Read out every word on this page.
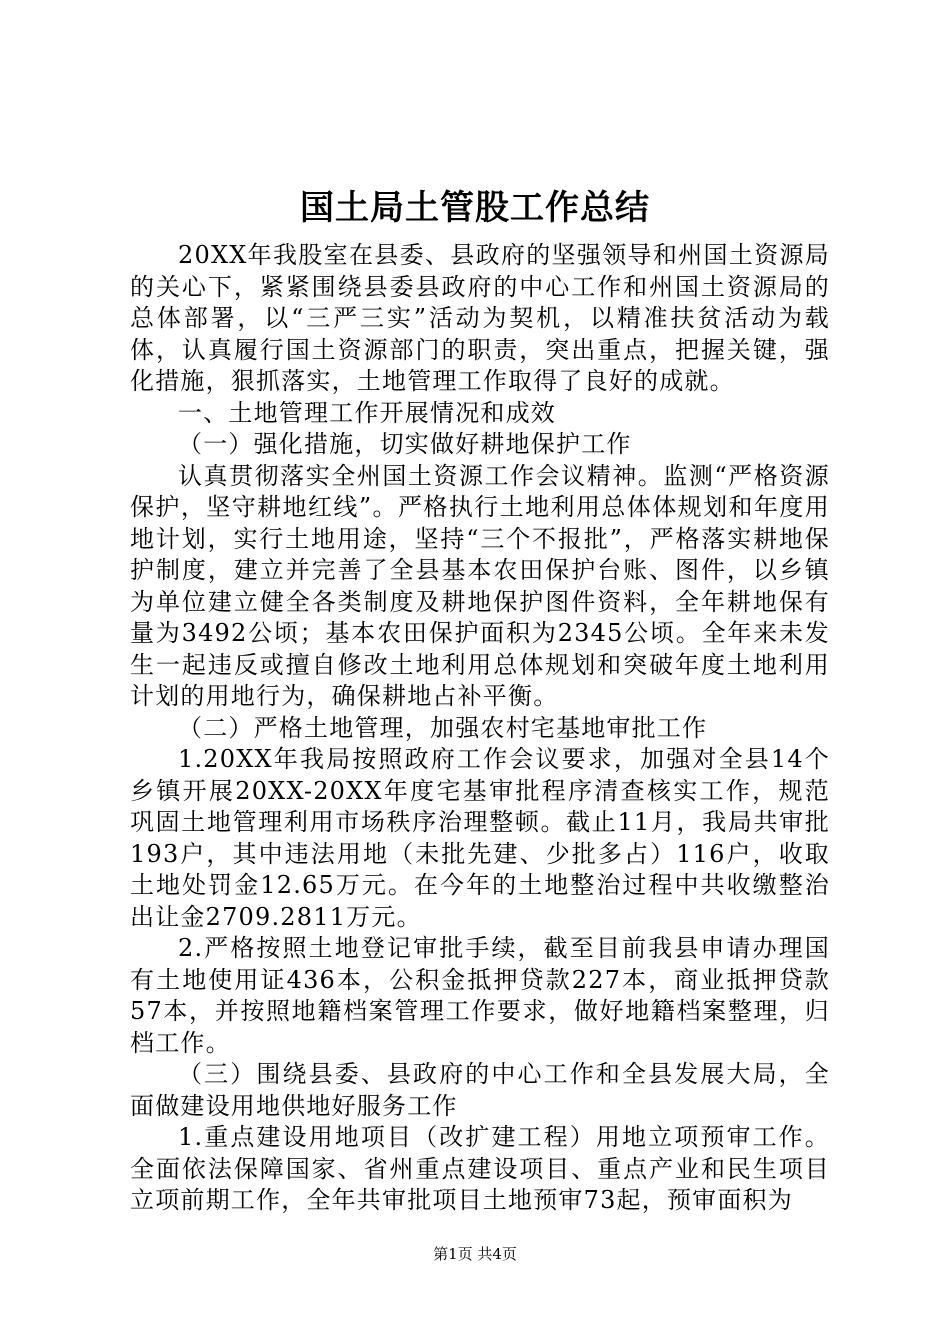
国土局土管股工作总结

20XX年我股室在县委、县政府的坚强领导和州国土资源局的关心下，紧紧围绕县委县政府的中心工作和州国土资源局的总体部署，以“三严三实”活动为契机，以精准扶贫活动为载体，认真履行国土资源部门的职责，突出重点，把握关键，强化措施，狠抓落实，土地管理工作取得了良好的成就。

一、土地管理工作开展情况和成效

（一）强化措施，切实做好耕地保护工作

认真贯彻落实全州国土资源工作会议精神。监测“严格资源保护，坚守耕地红线”。严格执行土地利用总体体规划和年度用地计划，实行土地用途，坚持“三个不报批”，严格落实耕地保护制度，建立并完善了全县基本农田保护台账、图件，以乡镇为单位建立健全各类制度及耕地保护图件资料，全年耕地保有量为3492公顷；基本农田保护面积为2345公顷。全年来未发生一起违反或擅自修改土地利用总体规划和突破年度土地利用计划的用地行为，确保耕地占补平衡。

（二）严格土地管理，加强农村宅基地审批工作

1.20XX年我局按照政府工作会议要求，加强对全县14个乡镇开展20XX-20XX年度宅基审批程序清查核实工作，规范巩固土地管理利用市场秩序治理整顿。截止11月，我局共审批193户，其中违法用地（未批先建、少批多占）116户，收取土地处罚金12.65万元。在今年的土地整治过程中共收缴整治出让金2709.2811万元。

2.严格按照土地登记审批手续，截至目前我县申请办理国有土地使用证436本，公积金抵押贷款227本，商业抵押贷款57本，并按照地籍档案管理工作要求，做好地籍档案整理，归档工作。

（三）围绕县委、县政府的中心工作和全县发展大局，全面做建设用地供地好服务工作

1.重点建设用地项目（改扩建工程）用地立项预审工作。全面依法保障国家、省州重点建设项目、重点产业和民生项目立项前期工作，全年共审批项目土地预审73起，预审面积为

第1页 共4页
